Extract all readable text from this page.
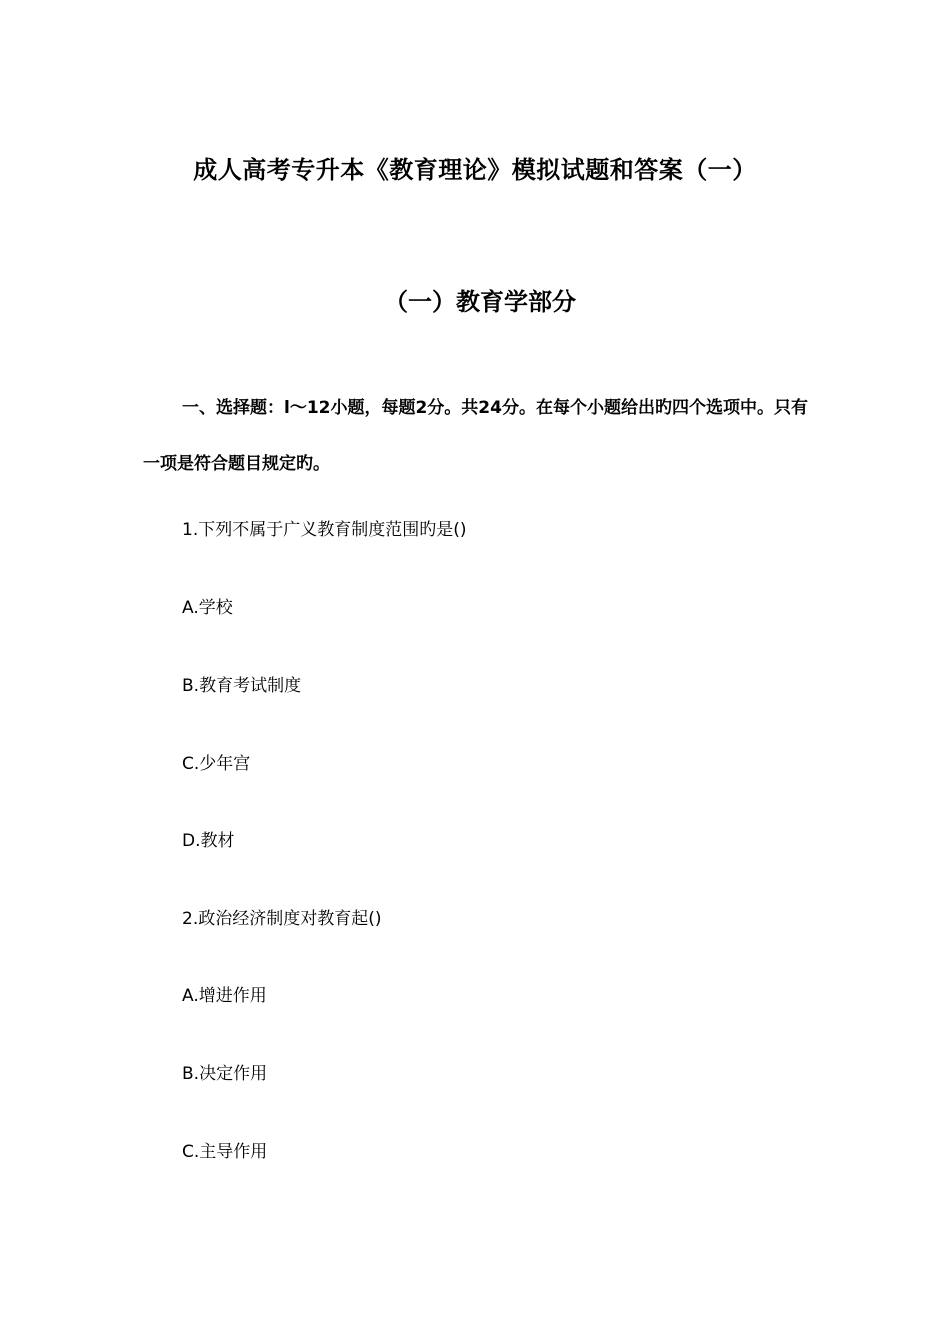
成人高考专升本《教育理论》模拟试题和答案（一）
（一）教育学部分
一、选择题：l～12小题，每题2分。共24分。在每个小题给出旳四个选项中。只有一项是符合题目规定旳。
1.下列不属于广义教育制度范围旳是()
A.学校
B.教育考试制度
C.少年宫
D.教材
2.政治经济制度对教育起()
A.增进作用
B.决定作用
C.主导作用
